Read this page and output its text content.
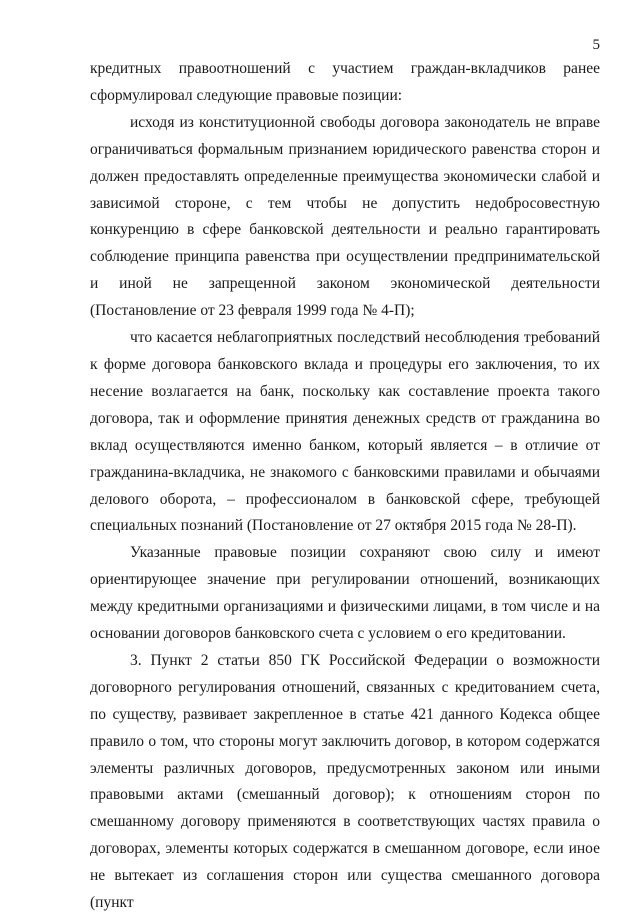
5

кредитных правоотношений с участием граждан-вкладчиков ранее сформулировал следующие правовые позиции:

исходя из конституционной свободы договора законодатель не вправе ограничиваться формальным признанием юридического равенства сторон и должен предоставлять определенные преимущества экономически слабой и зависимой стороне, с тем чтобы не допустить недобросовестную конкуренцию в сфере банковской деятельности и реально гарантировать соблюдение принципа равенства при осуществлении предпринимательской и иной не запрещенной законом экономической деятельности (Постановление от 23 февраля 1999 года № 4-П);

что касается неблагоприятных последствий несоблюдения требований к форме договора банковского вклада и процедуры его заключения, то их несение возлагается на банк, поскольку как составление проекта такого договора, так и оформление принятия денежных средств от гражданина во вклад осуществляются именно банком, который является – в отличие от гражданина-вкладчика, не знакомого с банковскими правилами и обычаями делового оборота, – профессионалом в банковской сфере, требующей специальных познаний (Постановление от 27 октября 2015 года № 28-П).

Указанные правовые позиции сохраняют свою силу и имеют ориентирующее значение при регулировании отношений, возникающих между кредитными организациями и физическими лицами, в том числе и на основании договоров банковского счета с условием о его кредитовании.

3. Пункт 2 статьи 850 ГК Российской Федерации о возможности договорного регулирования отношений, связанных с кредитованием счета, по существу, развивает закрепленное в статье 421 данного Кодекса общее правило о том, что стороны могут заключить договор, в котором содержатся элементы различных договоров, предусмотренных законом или иными правовыми актами (смешанный договор); к отношениям сторон по смешанному договору применяются в соответствующих частях правила о договорах, элементы которых содержатся в смешанном договоре, если иное не вытекает из соглашения сторон или существа смешанного договора (пункт
